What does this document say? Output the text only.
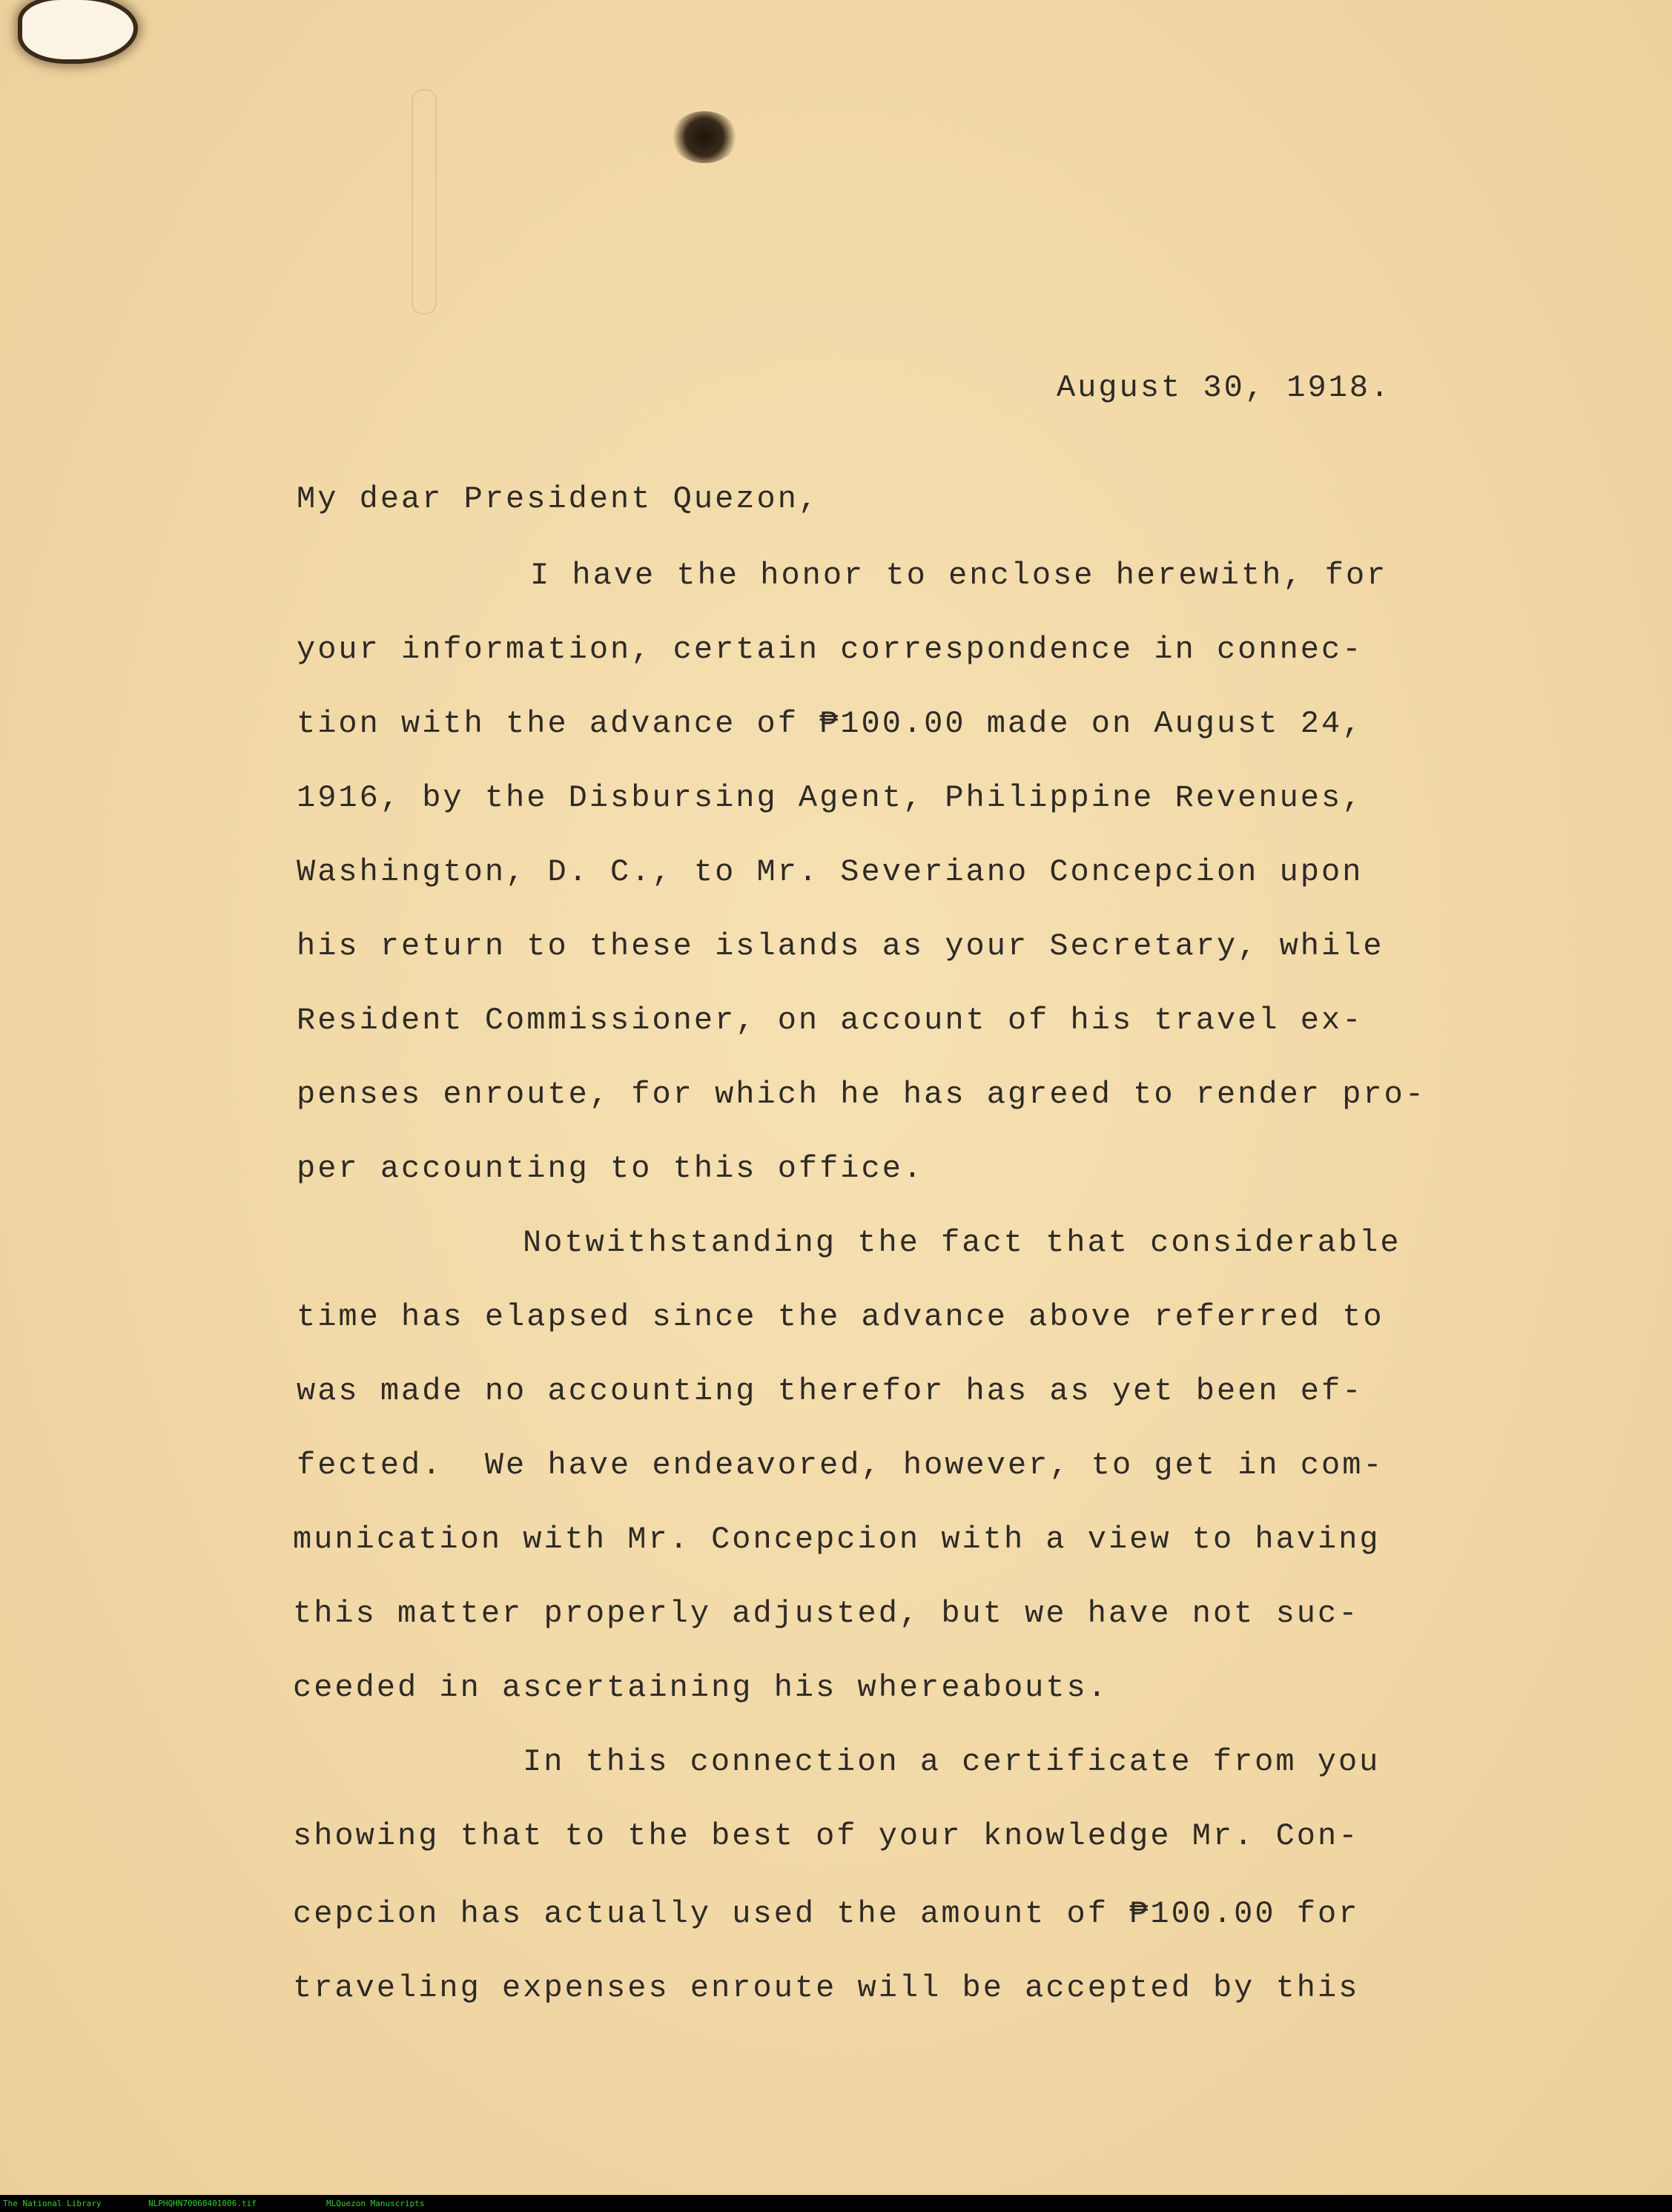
August 30, 1918.
My dear President Quezon,
I have the honor to enclose herewith, for
your information, certain correspondence in connec-
tion with the advance of ₱100.00 made on August 24,
1916, by the Disbursing Agent, Philippine Revenues,
Washington, D. C., to Mr. Severiano Concepcion upon
his return to these islands as your Secretary, while
Resident Commissioner, on account of his travel ex-
penses enroute, for which he has agreed to render pro-
per accounting to this office.
Notwithstanding the fact that considerable
time has elapsed since the advance above referred to
was made no accounting therefor has as yet been ef-
fected.  We have endeavored, however, to get in com-
munication with Mr. Concepcion with a view to having
this matter properly adjusted, but we have not suc-
ceeded in ascertaining his whereabouts.
In this connection a certificate from you
showing that to the best of your knowledge Mr. Con-
cepcion has actually used the amount of ₱100.00 for
traveling expenses enroute will be accepted by this
The National Library	NLPHQHN70060401006.tif	MLQuezon Manuscripts
